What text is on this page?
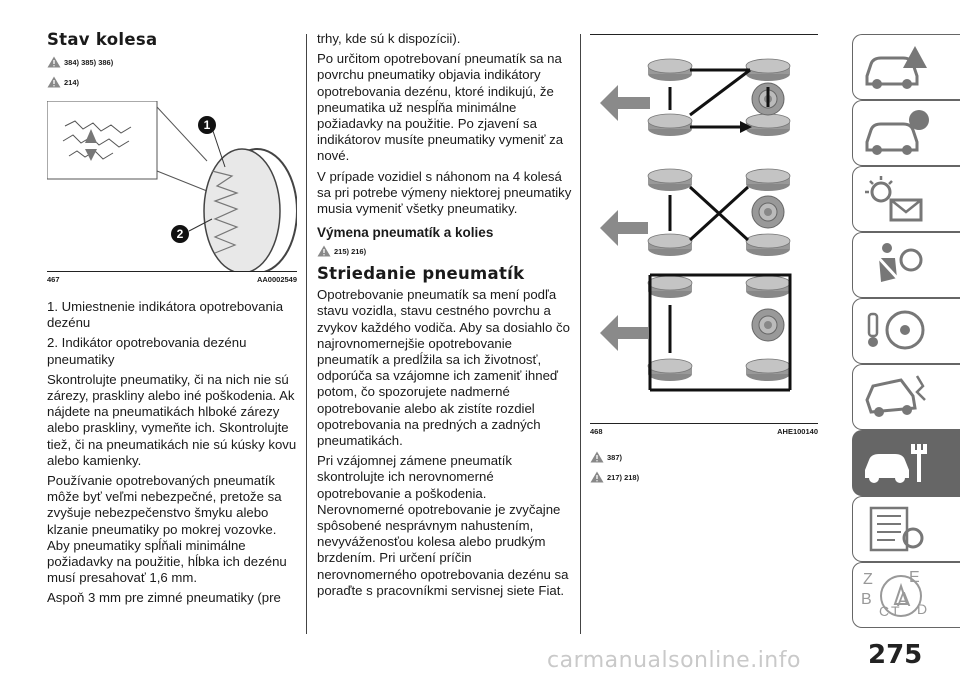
Stav kolesa
384) 385) 386)
214)
1
2
467	AA0002549

1. Umiestnenie indikátora opotrebovania dezénu

2. Indikátor opotrebovania dezénu pneumatiky

Skontrolujte pneumatiky, či na nich nie sú zárezy, praskliny alebo iné poškodenia. Ak nájdete na pneumatikách hlboké zárezy alebo praskliny, vymeňte ich. Skontrolujte tiež, či na pneumatikách nie sú kúsky kovu alebo kamienky.

Používanie opotrebovaných pneumatík môže byť veľmi nebezpečné, pretože sa zvyšuje nebezpečenstvo šmyku alebo klzanie pneumatiky po mokrej vozovke. Aby pneumatiky spĺňali minimálne požiadavky na použitie, hĺbka ich dezénu musí presahovať 1,6 mm.

Aspoň 3 mm pre zimné pneumatiky (pre

trhy, kde sú k dispozícii).

Po určitom opotrebovaní pneumatík sa na povrchu pneumatiky objavia indikátory opotrebovania dezénu, ktoré indikujú, že pneumatika už nespĺňa minimálne požiadavky na použitie. Po zjavení sa indikátorov musíte pneumatiky vymeniť za nové.

V prípade vozidiel s náhonom na 4 kolesá sa pri potrebe výmeny niektorej pneumatiky musia vymeniť všetky pneumatiky.

Výmena pneumatík a kolies
215) 216)
Striedanie pneumatík

Opotrebovanie pneumatík sa mení podľa stavu vozidla, stavu cestného povrchu a zvykov každého vodiča. Aby sa dosiahlo čo najrovnomernejšie opotrebovanie pneumatík a predĺžila sa ich životnosť, odporúča sa vzájomne ich zameniť ihneď potom, čo spozorujete nadmerné opotrebovanie alebo ak zistíte rozdiel opotrebovania na predných a zadných pneumatikách.

Pri vzájomnej zámene pneumatík skontrolujte ich nerovnomerné opotrebovanie a poškodenia. Nerovnomerné opotrebovanie je zvyčajne spôsobené nesprávnym nahustením, nevyváženosťou kolesa alebo prudkým brzdením. Pri určení príčin nerovnomerného opotrebovania dezénu sa poraďte s pracovníkmi servisnej siete Fiat.

468	AHE100140
387)
217) 218)
Z E
B A
C T D
carmanualsonline.info	275
